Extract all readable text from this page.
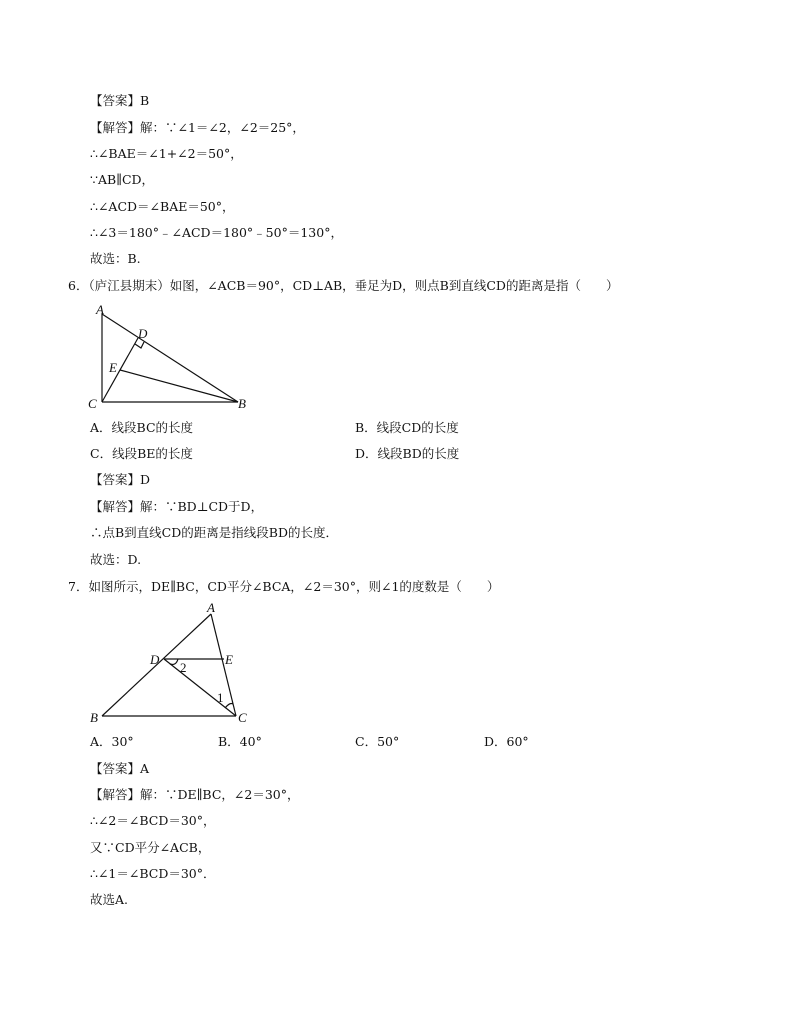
【答案】B
【解答】解：∵∠1＝∠2，∠2＝25°，
∴∠BAE＝∠1+∠2＝50°，
∵AB∥CD，
∴∠ACD＝∠BAE＝50°，
∴∠3＝180°﹣∠ACD＝180°﹣50°＝130°，
故选：B.
6．（庐江县期末）如图，∠ACB＝90°，CD⊥AB，垂足为D，则点B到直线CD的距离是指（　　）
A
D
E
C	B
A．线段BC的长度	B．线段CD的长度
C．线段BE的长度	D．线段BD的长度
【答案】D
【解答】解：∵BD⊥CD于D，
∴点B到直线CD的距离是指线段BD的长度．
故选：D.
7．如图所示，DE∥BC，CD平分∠BCA，∠2＝30°，则∠1的度数是（　　）
A
D	E
B	C
2
1
A．30°	B．40°	C．50°	D．60°
【答案】A
【解答】解：∵DE∥BC，∠2＝30°，
∴∠2＝∠BCD＝30°，
又∵CD平分∠ACB，
∴∠1＝∠BCD＝30°．
故选A.
